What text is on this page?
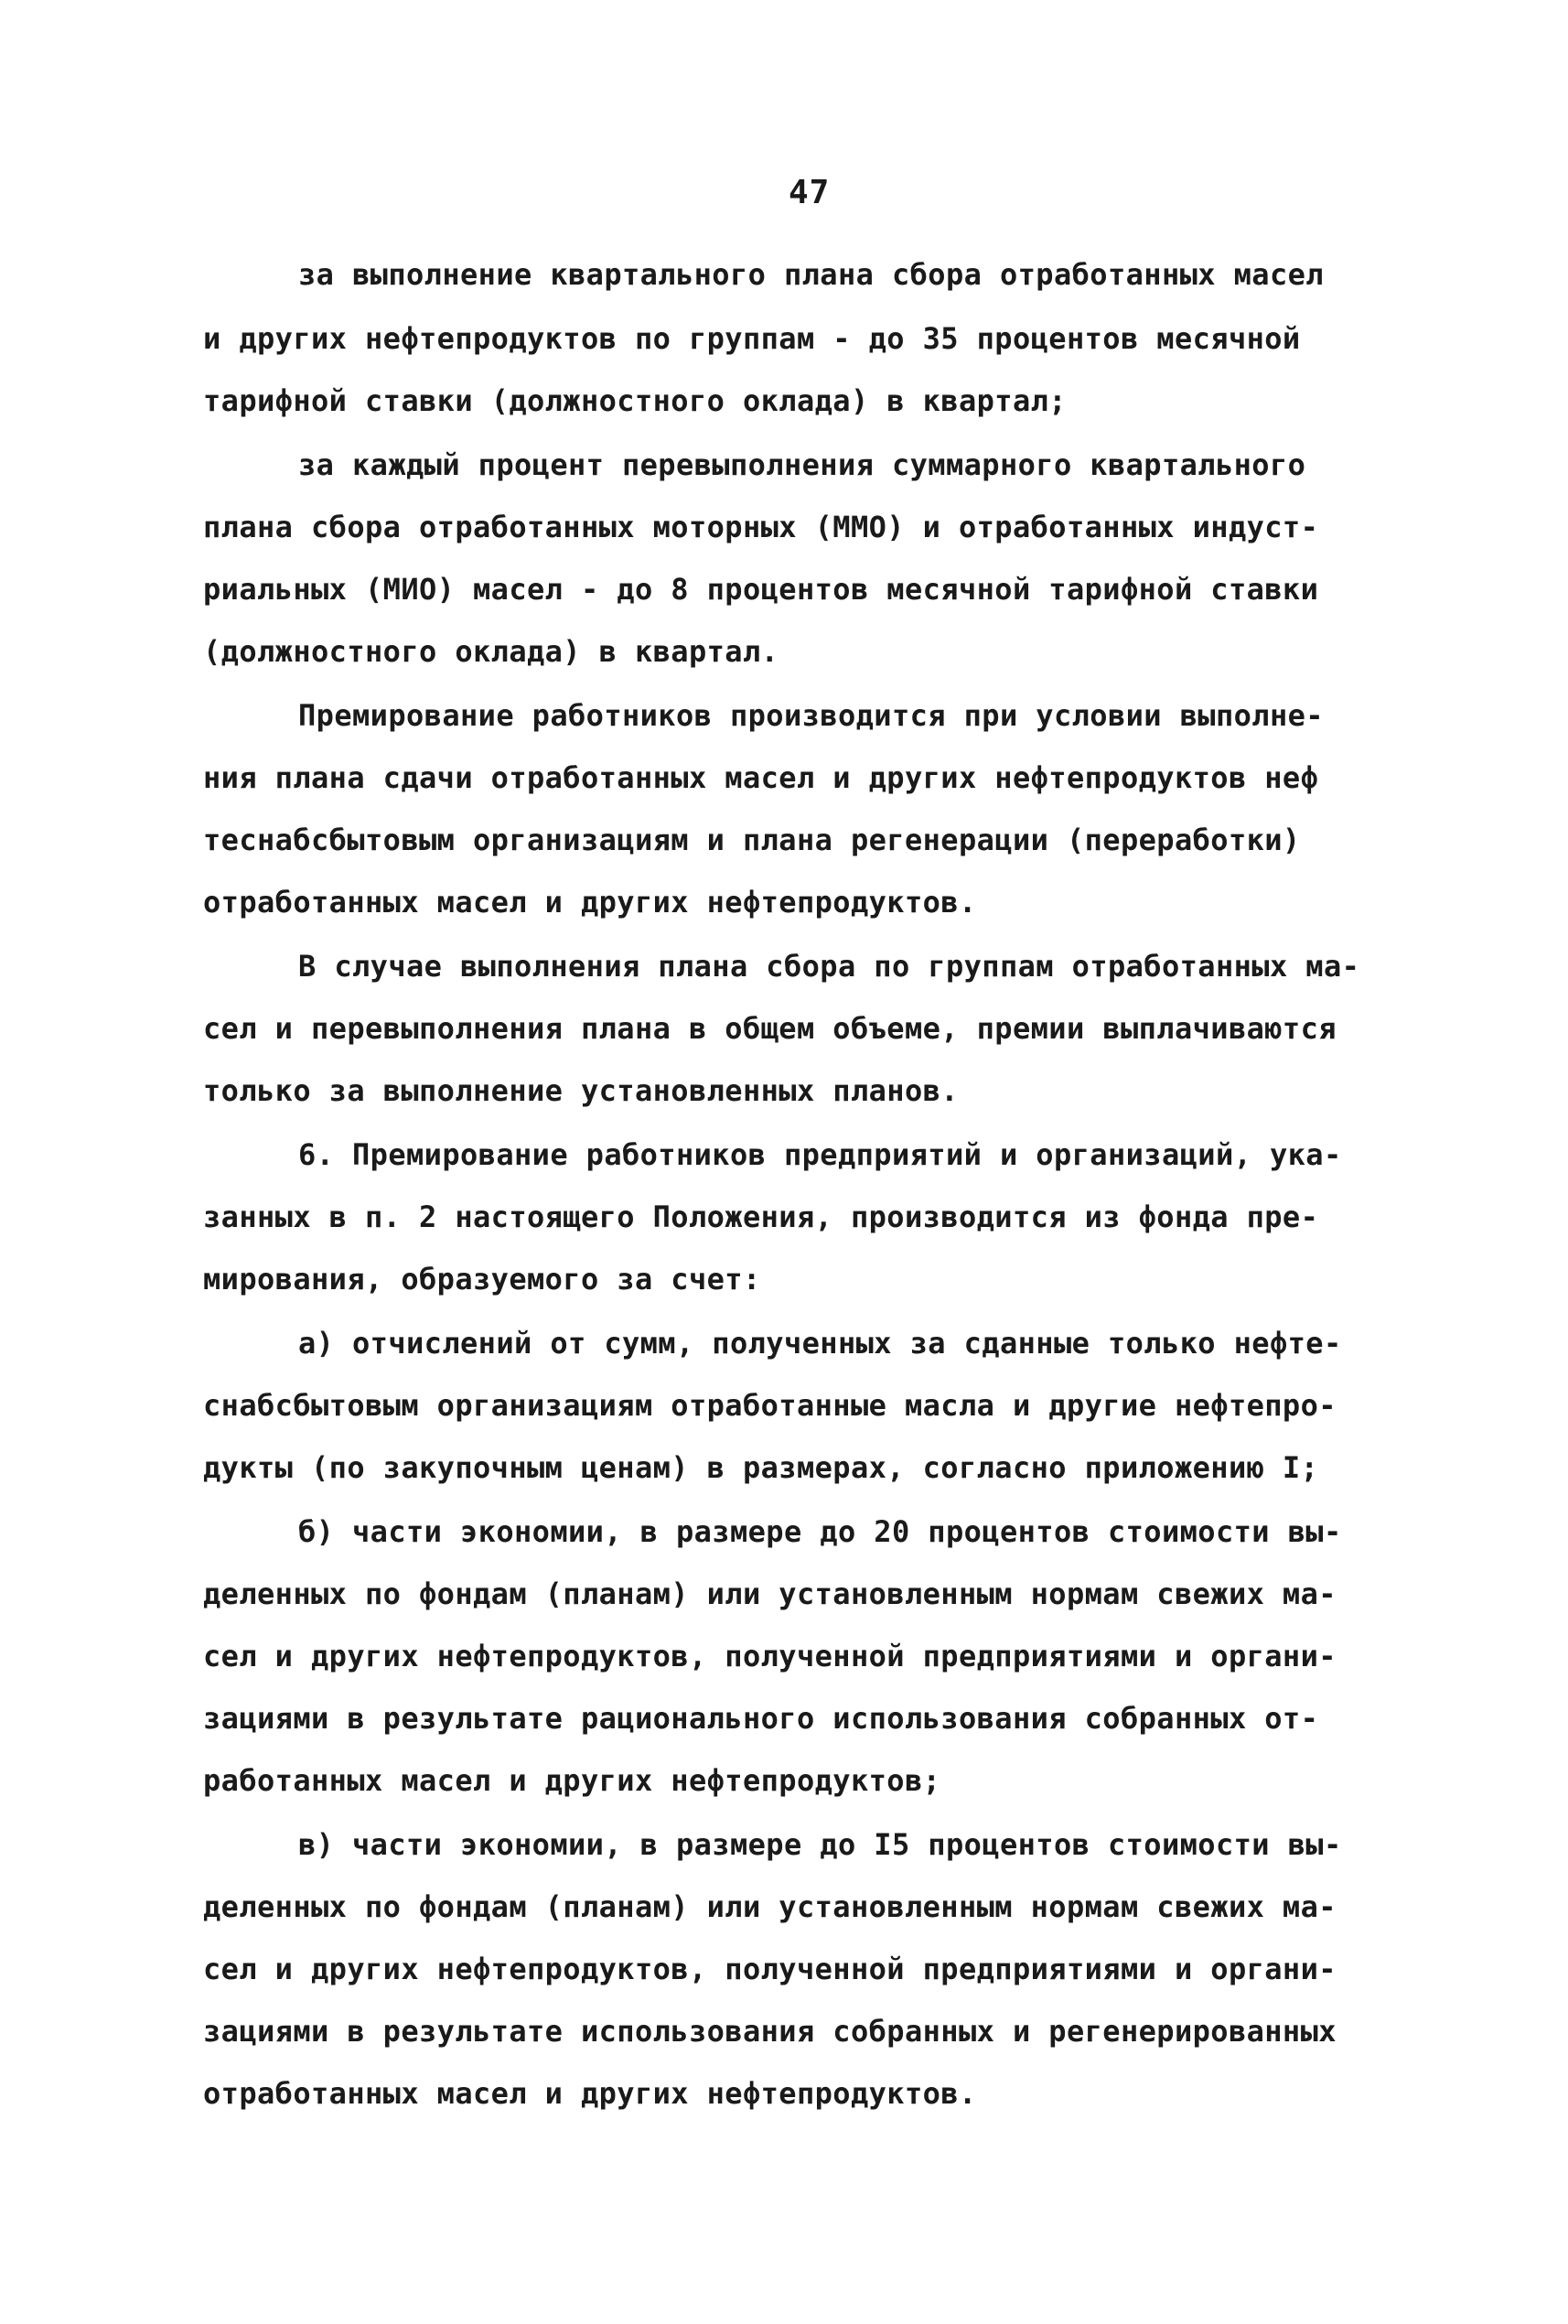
47
за выполнение квартального плана сбора отработанных масел
и других нефтепродуктов по группам - до 35 процентов месячной
тарифной ставки (должностного оклада) в квартал;
за каждый процент перевыполнения суммарного квартального
плана сбора отработанных моторных (ММО) и отработанных индуст-
риальных (МИО) масел - до 8 процентов месячной тарифной ставки
(должностного оклада) в квартал.
Премирование работников производится при условии выполне-
ния плана сдачи отработанных масел и других нефтепродуктов неф
теснабсбытовым организациям и плана регенерации (переработки)
отработанных масел и других нефтепродуктов.
В случае выполнения плана сбора по группам отработанных ма-
сел и перевыполнения плана в общем объеме, премии выплачиваются
только за выполнение установленных планов.
6. Премирование работников предприятий и организаций, ука-
занных в п. 2 настоящего Положения, производится из фонда пре-
мирования, образуемого за счет:
а) отчислений от сумм, полученных за сданные только нефте-
снабсбытовым организациям отработанные масла и другие нефтепро-
дукты (по закупочным ценам) в размерах, согласно приложению I;
б) части экономии, в размере до 20 процентов стоимости вы-
деленных по фондам (планам) или установленным нормам свежих ма-
сел и других нефтепродуктов, полученной предприятиями и органи-
зациями в результате рационального использования собранных от-
работанных масел и других нефтепродуктов;
в) части экономии, в размере до I5 процентов стоимости вы-
деленных по фондам (планам) или установленным нормам свежих ма-
сел и других нефтепродуктов, полученной предприятиями и органи-
зациями в результате использования собранных и регенерированных
отработанных масел и других нефтепродуктов.
